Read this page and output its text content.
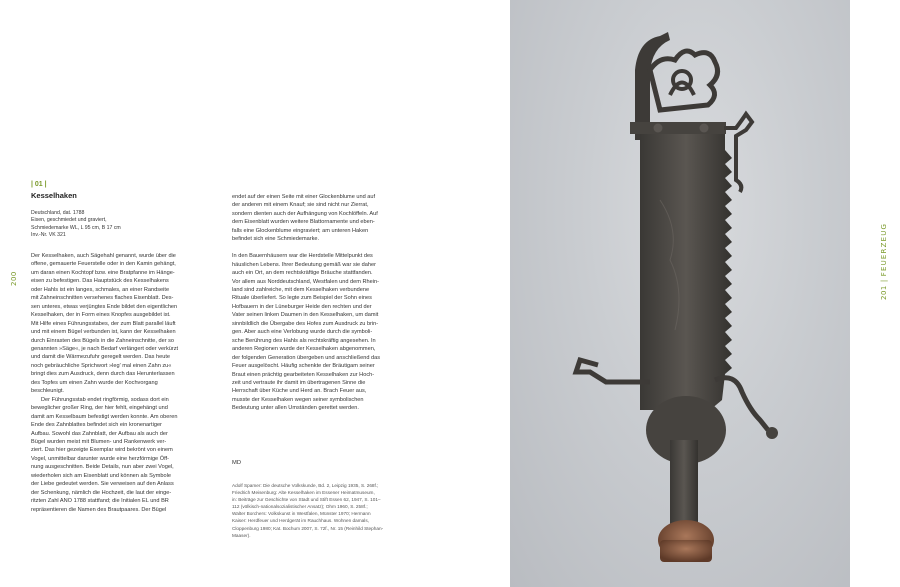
200
201|FEUERZEUG
| 01 |
Kesselhaken
Deutschland, dat. 1788
Eisen, geschmiedet und graviert,
Schmiedemarke WL, L 95 cm, B 17 cm
Inv.-Nr. VK 321
Der Kesselhaken, auch Sägehahl genannt, wurde über die
offene, gemauerte Feuerstelle oder in den Kamin gehängt,
um daran einen Kochtopf bzw. eine Bratpfanne im Hänge-
eisen zu befestigen. Das Hauptstück des Kesselhakens
oder Hahls ist ein langes, schmales, an einer Randseite
mit Zahneinschnitten versehenes flaches Eisenblatt. Des-
sen unteres, etwas verjüngtes Ende bildet den eigentlichen
Kesselhaken, der in Form eines Knopfes ausgebildet ist.
Mit Hilfe eines Führungsstabes, der zum Blatt parallel läuft
und mit einem Bügel verbunden ist, kann der Kesselhaken
durch Einrasten des Bügels in die Zahneinschnitte, der so
genannten »Säge«, je nach Bedarf verlängert oder verkürzt
und damit die Wärmezufuhr geregelt werden. Das heute
noch gebräuchliche Sprichwort »leg' mal einen Zahn zu«
bringt dies zum Ausdruck, denn durch das Herunterlassen
des Topfes um einen Zahn wurde der Kochvorgang
beschleunigt.
Der Führungsstab endet ringförmig, sodass dort ein
beweglicher großer Ring, der hier fehlt, eingehängt und
damit am Kesselbaum befestigt werden konnte. Am oberen
Ende des Zahnblattes befindet sich ein kronenartiger
Aufbau. Sowohl das Zahnblatt, der Aufbau als auch der
Bügel wurden meist mit Blumen- und Rankenwerk ver-
ziert. Das hier gezeigte Exemplar wird bekrönt von einem
Vogel, unmittelbar darunter wurde eine herzförmige Öff-
nung ausgeschnitten. Beide Details, nun aber zwei Vogel,
wiederholen sich am Eisenblatt und können als Symbole
der Liebe gedeutet werden. Sie verweisen auf den Anlass
der Schenkung, nämlich die Hochzeit, die laut der einge-
ritzten Zahl ANO 1788 stattfand; die Initialen EL und BR
repräsentieren die Namen des Brautpaares. Der Bügel
endet auf der einen Seite mit einer Glockenblume und auf
der anderen mit einem Knauf; sie sind nicht nur Zierrat,
sondern dienten auch der Aufhängung von Kochlöffeln. Auf
dem Eisenblatt wurden weitere Blattornamente und eben-
falls eine Glockenblume eingraviert; am unteren Haken
befindet sich eine Schmiedemarke.

In den Bauernhäusern war die Herdstelle Mittelpunkt des
häuslichen Lebens. Ihrer Bedeutung gemäß war sie daher
auch ein Ort, an dem rechtskräftige Bräuche stattfanden.
Vor allem aus Norddeutschland, Westfalen und dem Rhein-
land sind zahlreiche, mit dem Kesselhaken verbundene
Rituale überliefert. So legte zum Beispiel der Sohn eines
Hofbauern in der Lüneburger Heide den rechten und der
Vater seinen linken Daumen in den Kesselhaken, um damit
sinnbildlich die Übergabe des Hofes zum Ausdruck zu brin-
gen. Aber auch eine Verlobung wurde durch die symboli-
sche Berührung des Hahls als rechtskräftig angesehen. In
anderen Regionen wurde der Kesselhaken abgenommen,
der folgenden Generation übergeben und anschließend das
Feuer ausgelöscht. Häufig schenkte der Bräutigam seiner
Braut einen prächtig gearbeiteten Kesselhaken zur Hoch-
zeit und vertraute ihr damit im übertragenen Sinne die
Herrschaft über Küche und Herd an. Brach Feuer aus,
musste der Kesselhaken wegen seiner symbolischen
Bedeutung unter allen Umständen gerettet werden.
MD
Adolf Spamer: Die deutsche Volkskunde, Bd. 2, Leipzig 1935, S. 268f.;
Friedrich Meisenburg: Alte Kesselhaken im Essener Heimatmuseum,
in: Beiträge zur Geschichte von Stadt und Stift Essen 62, 1947, S. 101–
112 (völkisch-nationalsozialistischer Ansatz); Ohm 1960, S. 258f.;
Walter Borchers: Volkskunst in Westfalen, Münster 1970; Hermann
Kaiser: Herdfeuer und Herdgerät im Rauchhaus. Wohnen damals,
Cloppenburg 1980; Kat. Bochum 2007, S. 72f., Nr. 15 (Reinhild Stephan-
Maaser).
